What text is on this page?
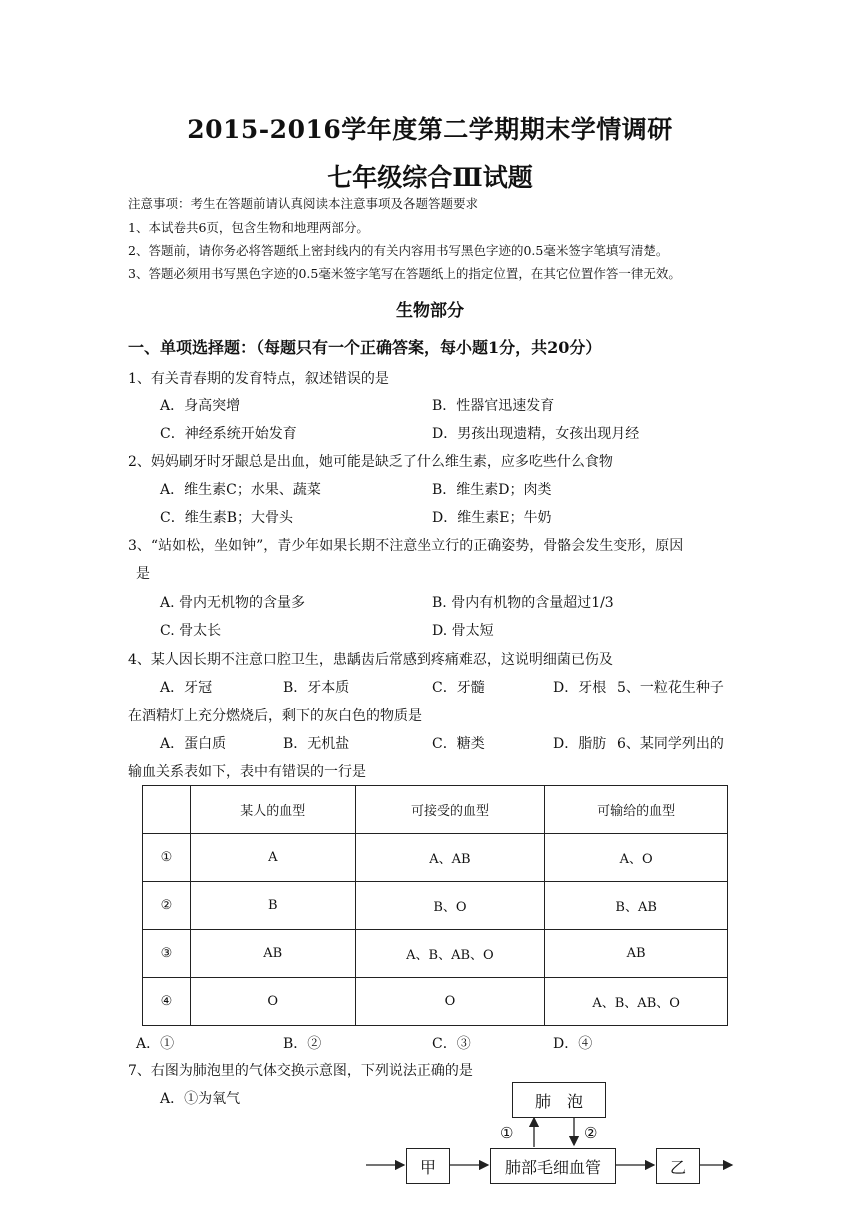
2015-2016学年度第二学期期末学情调研
七年级综合Ⅲ试题
注意事项：考生在答题前请认真阅读本注意事项及各题答题要求
1、本试卷共6页，包含生物和地理两部分。
2、答题前，请你务必将答题纸上密封线内的有关内容用书写黑色字迹的0.5毫米签字笔填写清楚。
3、答题必须用书写黑色字迹的0.5毫米签字笔写在答题纸上的指定位置，在其它位置作答一律无效。
生物部分
一、单项选择题：（每题只有一个正确答案，每小题1分，共20分）
1、有关青春期的发育特点，叙述错误的是
A．身高突增	B．性器官迅速发育
C．神经系统开始发育	D．男孩出现遗精，女孩出现月经
2、妈妈刷牙时牙龈总是出血，她可能是缺乏了什么维生素，应多吃些什么食物
A．维生素C；水果、蔬菜	B．维生素D；肉类
C．维生素B；大骨头	D．维生素E；牛奶
3、“站如松，坐如钟”，青少年如果长期不注意坐立行的正确姿势，骨骼会发生变形，原因
是
A. 骨内无机物的含量多	B. 骨内有机物的含量超过1/3
C. 骨太长	D. 骨太短
4、某人因长期不注意口腔卫生，患龋齿后常感到疼痛难忍，这说明细菌已伤及
A．牙冠	B．牙本质	C．牙髓	D．牙根 5、一粒花生种子
在酒精灯上充分燃烧后，剩下的灰白色的物质是
A．蛋白质	B．无机盐	C．糖类	D．脂肪 6、某同学列出的
输血关系表如下，表中有错误的一行是
	某人的血型	可接受的血型	可输给的血型
①	A	A、AB	A、O
②	B	B、O	B、AB
③	AB	A、B、AB、O	AB
④	O	O	A、B、AB、O
A．①	B．②	C．③	D．④
7、右图为肺泡里的气体交换示意图，下列说法正确的是
A．①为氧气	肺　泡
肺部毛细血管
甲	乙
①	②
